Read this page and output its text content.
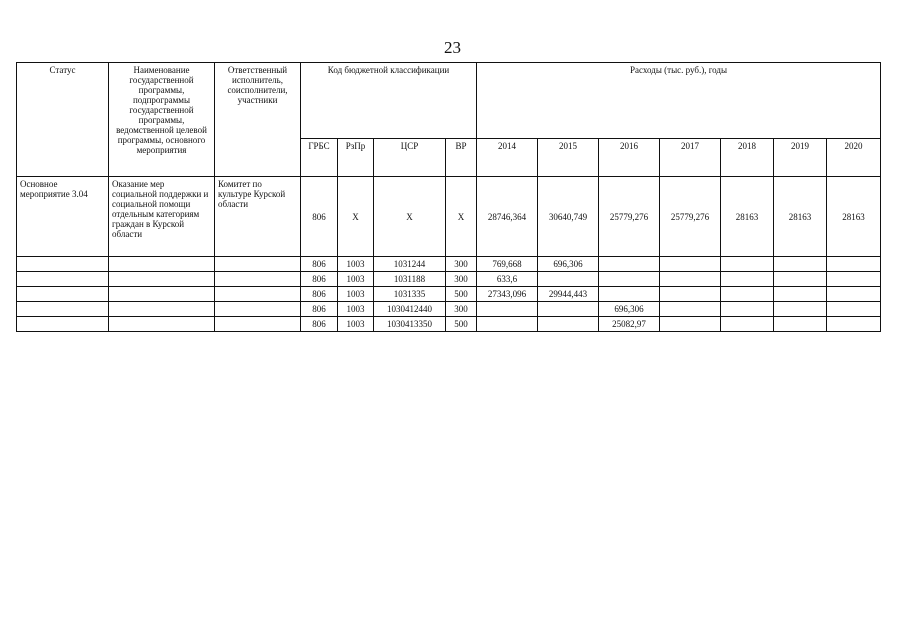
23
Статус	Наименование государственной программы, подпрограммы государственной программы, ведомственной целевой программы, основного мероприятия	Ответственный исполнитель, соисполнители, участники	Код бюджетной классификации				Расходы (тыс. руб.), годы						
			ГРБС	РзПр	ЦСР	ВР	2014	2015	2016	2017	2018	2019	2020
Основное мероприятие 3.04	Оказание мер социальной поддержки и социальной помощи отдельным категориям граждан в Курской области	Комитет по культуре Курской области	806	Х	Х	Х	28746,364	30640,749	25779,276	25779,276	28163	28163	28163
			806	1003	1031244	300	769,668	696,306					
			806	1003	1031188	300	633,6						
			806	1003	1031335	500	27343,096	29944,443					
			806	1003	1030412440	300			696,306				
			806	1003	1030413350	500			25082,97				
